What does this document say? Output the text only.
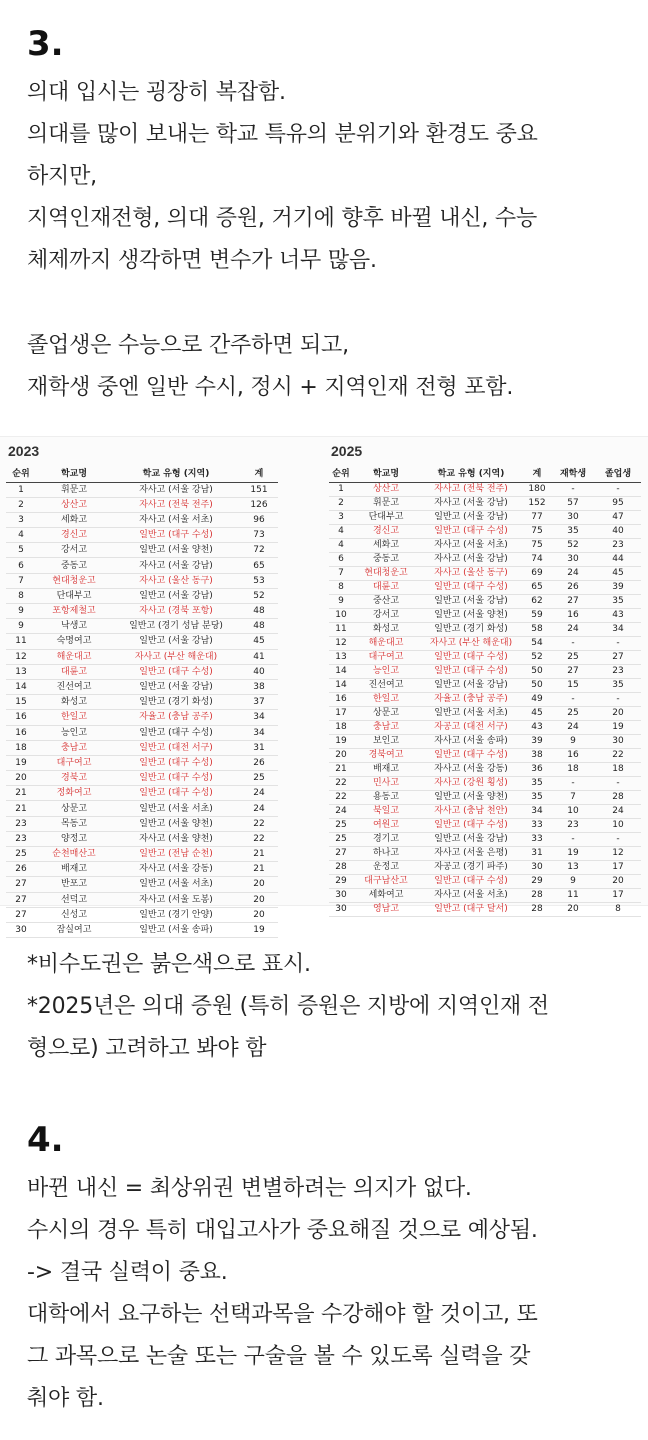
3.
의대 입시는 굉장히 복잡함.
의대를 많이 보내는 학교 특유의 분위기와 환경도 중요
하지만,
지역인재전형, 의대 증원, 거기에 향후 바뀔 내신, 수능
체제까지 생각하면 변수가 너무 많음.
졸업생은 수능으로 간주하면 되고,
재학생 중엔 일반 수시, 정시 + 지역인재 전형 포함.
2023
순위	학교명	학교 유형 (지역)	계
1	휘문고	자사고 (서울 강남)	151
2	상산고	자사고 (전북 전주)	126
3	세화고	자사고 (서울 서초)	96
4	경신고	일반고 (대구 수성)	73
5	강서고	일반고 (서울 양천)	72
6	중동고	자사고 (서울 강남)	65
7	현대청운고	자사고 (울산 동구)	53
8	단대부고	일반고 (서울 강남)	52
9	포항제철고	자사고 (경북 포항)	48
9	낙생고	일반고 (경기 성남 분당)	48
11	숙명여고	일반고 (서울 강남)	45
12	해운대고	자사고 (부산 해운대)	41
13	대륜고	일반고 (대구 수성)	40
14	진선여고	일반고 (서울 강남)	38
15	화성고	일반고 (경기 화성)	37
16	한일고	자율고 (충남 공주)	34
16	능인고	일반고 (대구 수성)	34
18	충남고	일반고 (대전 서구)	31
19	대구여고	일반고 (대구 수성)	26
20	경북고	일반고 (대구 수성)	25
21	정화여고	일반고 (대구 수성)	24
21	상문고	일반고 (서울 서초)	24
23	목동고	일반고 (서울 양천)	22
23	양정고	자사고 (서울 양천)	22
25	순천매산고	일반고 (전남 순천)	21
26	배재고	자사고 (서울 강동)	21
27	반포고	일반고 (서울 서초)	20
27	선덕고	자사고 (서울 도봉)	20
27	신성고	일반고 (경기 안양)	20
30	잠실여고	일반고 (서울 송파)	19
2025
순위	학교명	학교 유형 (지역)	계	재학생	졸업생
1	상산고	자사고 (전북 전주)	180	-	-
2	휘문고	자사고 (서울 강남)	152	57	95
3	단대부고	일반고 (서울 강남)	77	30	47
4	경신고	일반고 (대구 수성)	75	35	40
4	세화고	자사고 (서울 서초)	75	52	23
6	중동고	자사고 (서울 강남)	74	30	44
7	현대청운고	자사고 (울산 동구)	69	24	45
8	대륜고	일반고 (대구 수성)	65	26	39
9	중산고	일반고 (서울 강남)	62	27	35
10	강서고	일반고 (서울 양천)	59	16	43
11	화성고	일반고 (경기 화성)	58	24	34
12	해운대고	자사고 (부산 해운대)	54	-	-
13	대구여고	일반고 (대구 수성)	52	25	27
14	능인고	일반고 (대구 수성)	50	27	23
14	진선여고	일반고 (서울 강남)	50	15	35
16	한일고	자율고 (충남 공주)	49	-	-
17	상문고	일반고 (서울 서초)	45	25	20
18	충남고	자공고 (대전 서구)	43	24	19
19	보인고	자사고 (서울 송파)	39	9	30
20	경북여고	일반고 (대구 수성)	38	16	22
21	배재고	자사고 (서울 강동)	36	18	18
22	민사고	자사고 (강원 횡성)	35	-	-
22	용동고	일반고 (서울 양천)	35	7	28
24	북일고	자사고 (충남 천안)	34	10	24
25	여원고	일반고 (대구 수성)	33	23	10
25	경기고	일반고 (서울 강남)	33	-	-
27	하나고	자사고 (서울 은평)	31	19	12
28	운정고	자공고 (경기 파주)	30	13	17
29	대구남산고	일반고 (대구 수성)	29	9	20
30	세화여고	자사고 (서울 서초)	28	11	17
30	영남고	일반고 (대구 달서)	28	20	8
*비수도권은 붉은색으로 표시.
*2025년은 의대 증원 (특히 증원은 지방에 지역인재 전
형으로) 고려하고 봐야 함
4.
바뀐 내신 = 최상위권 변별하려는 의지가 없다.
수시의 경우 특히 대입고사가 중요해질 것으로 예상됨.
-> 결국 실력이 중요.
대학에서 요구하는 선택과목을 수강해야 할 것이고, 또
그 과목으로 논술 또는 구술을 볼 수 있도록 실력을 갖
춰야 함.
